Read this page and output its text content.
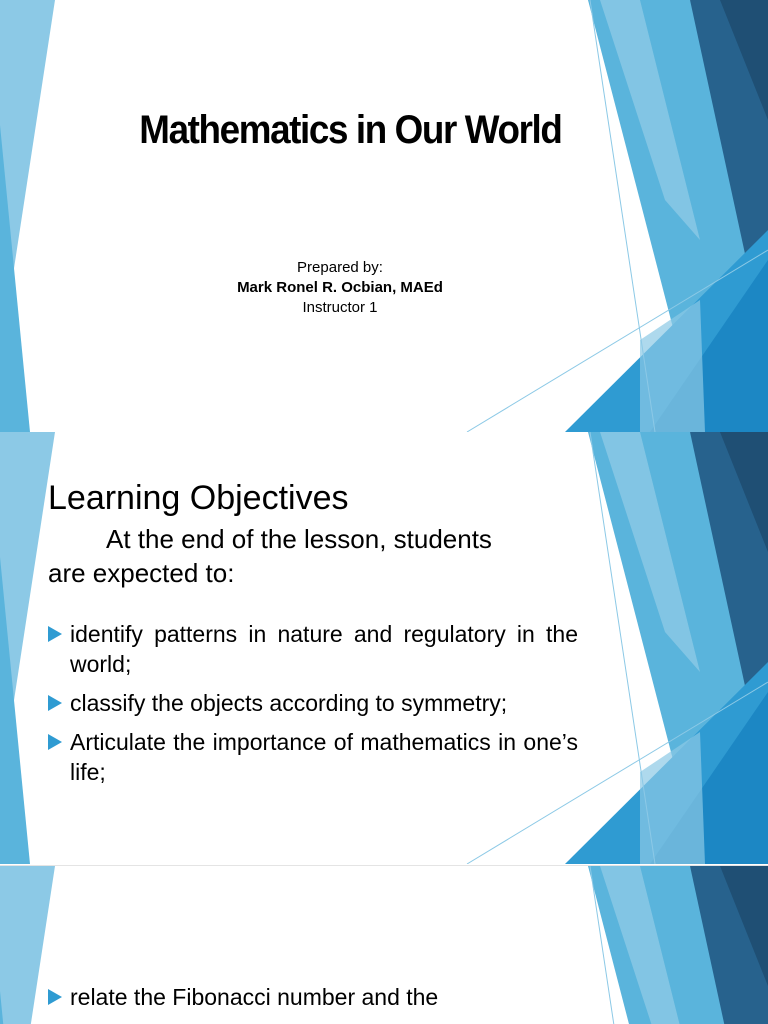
Mathematics in Our World
Prepared by:
Mark Ronel R. Ocbian, MAEd
Instructor 1
Learning Objectives
At the end of the lesson, students
are expected to:
identify patterns in nature and regulatory in the world;
classify the objects according to symmetry;
Articulate the importance of mathematics in one’s life;
relate the Fibonacci number and the
